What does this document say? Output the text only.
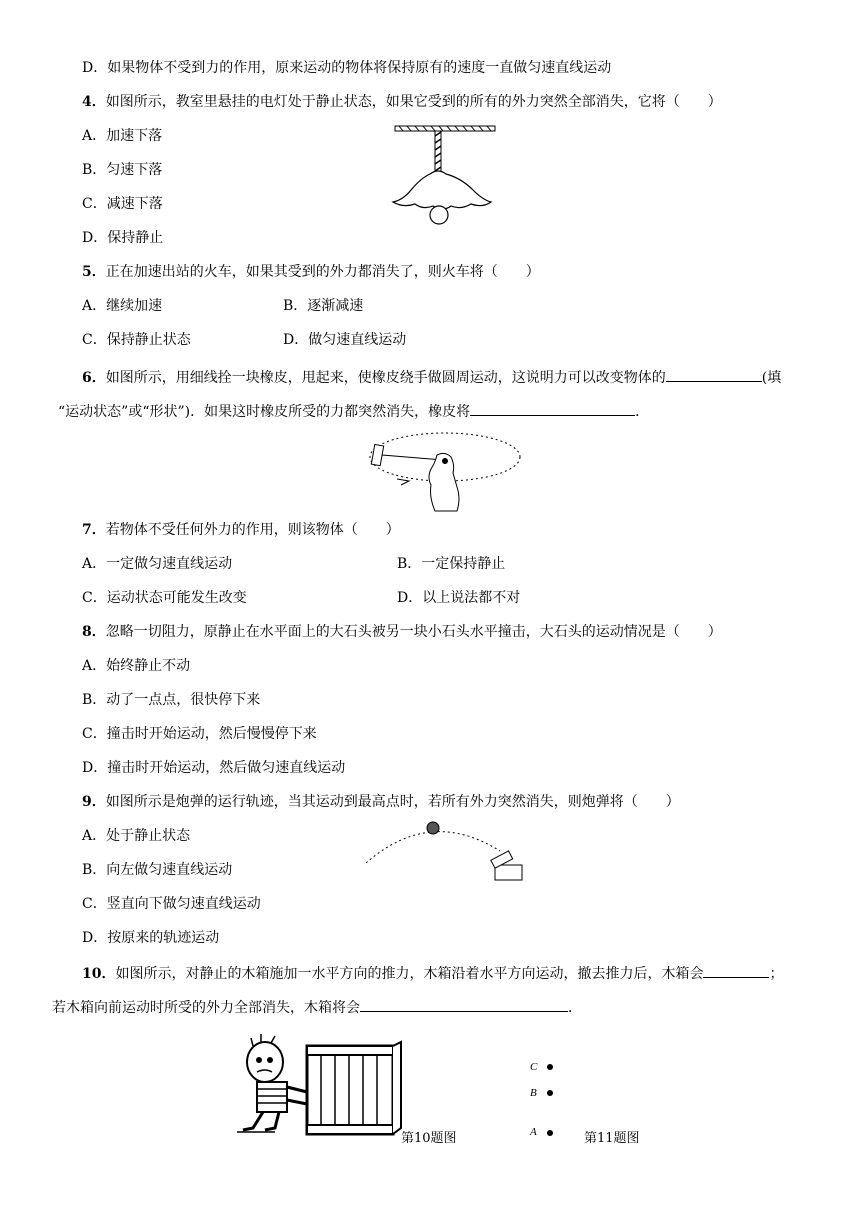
D．如果物体不受到力的作用，原来运动的物体将保持原有的速度一直做匀速直线运动
4．如图所示，教室里悬挂的电灯处于静止状态，如果它受到的所有的外力突然全部消失，它将（　　）
A．加速下落
B．匀速下落
C．减速下落
D．保持静止
5．正在加速出站的火车，如果其受到的外力都消失了，则火车将（　　）
A．继续加速	B．逐渐减速
C．保持静止状态	D．做匀速直线运动
6．如图所示，用细线拴一块橡皮，甩起来，使橡皮绕手做圆周运动，这说明力可以改变物体的	(填
“运动状态”或“形状”)．如果这时橡皮所受的力都突然消失，橡皮将	．
7．若物体不受任何外力的作用，则该物体（　　）
A．一定做匀速直线运动	B．一定保持静止
C．运动状态可能发生改变	D．以上说法都不对
8．忽略一切阻力，原静止在水平面上的大石头被另一块小石头水平撞击，大石头的运动情况是（　　）
A．始终静止不动
B．动了一点点，很快停下来
C．撞击时开始运动，然后慢慢停下来
D．撞击时开始运动，然后做匀速直线运动
9．如图所示是炮弹的运行轨迹，当其运动到最高点时，若所有外力突然消失，则炮弹将（　　）
A．处于静止状态
B．向左做匀速直线运动
C．竖直向下做匀速直线运动
D．按原来的轨迹运动
10．如图所示，对静止的木箱施加一水平方向的推力，木箱沿着水平方向运动，撤去推力后，木箱会	；
若木箱向前运动时所受的外力全部消失，木箱将会	．
第10题图
C
B
A	第11题图
